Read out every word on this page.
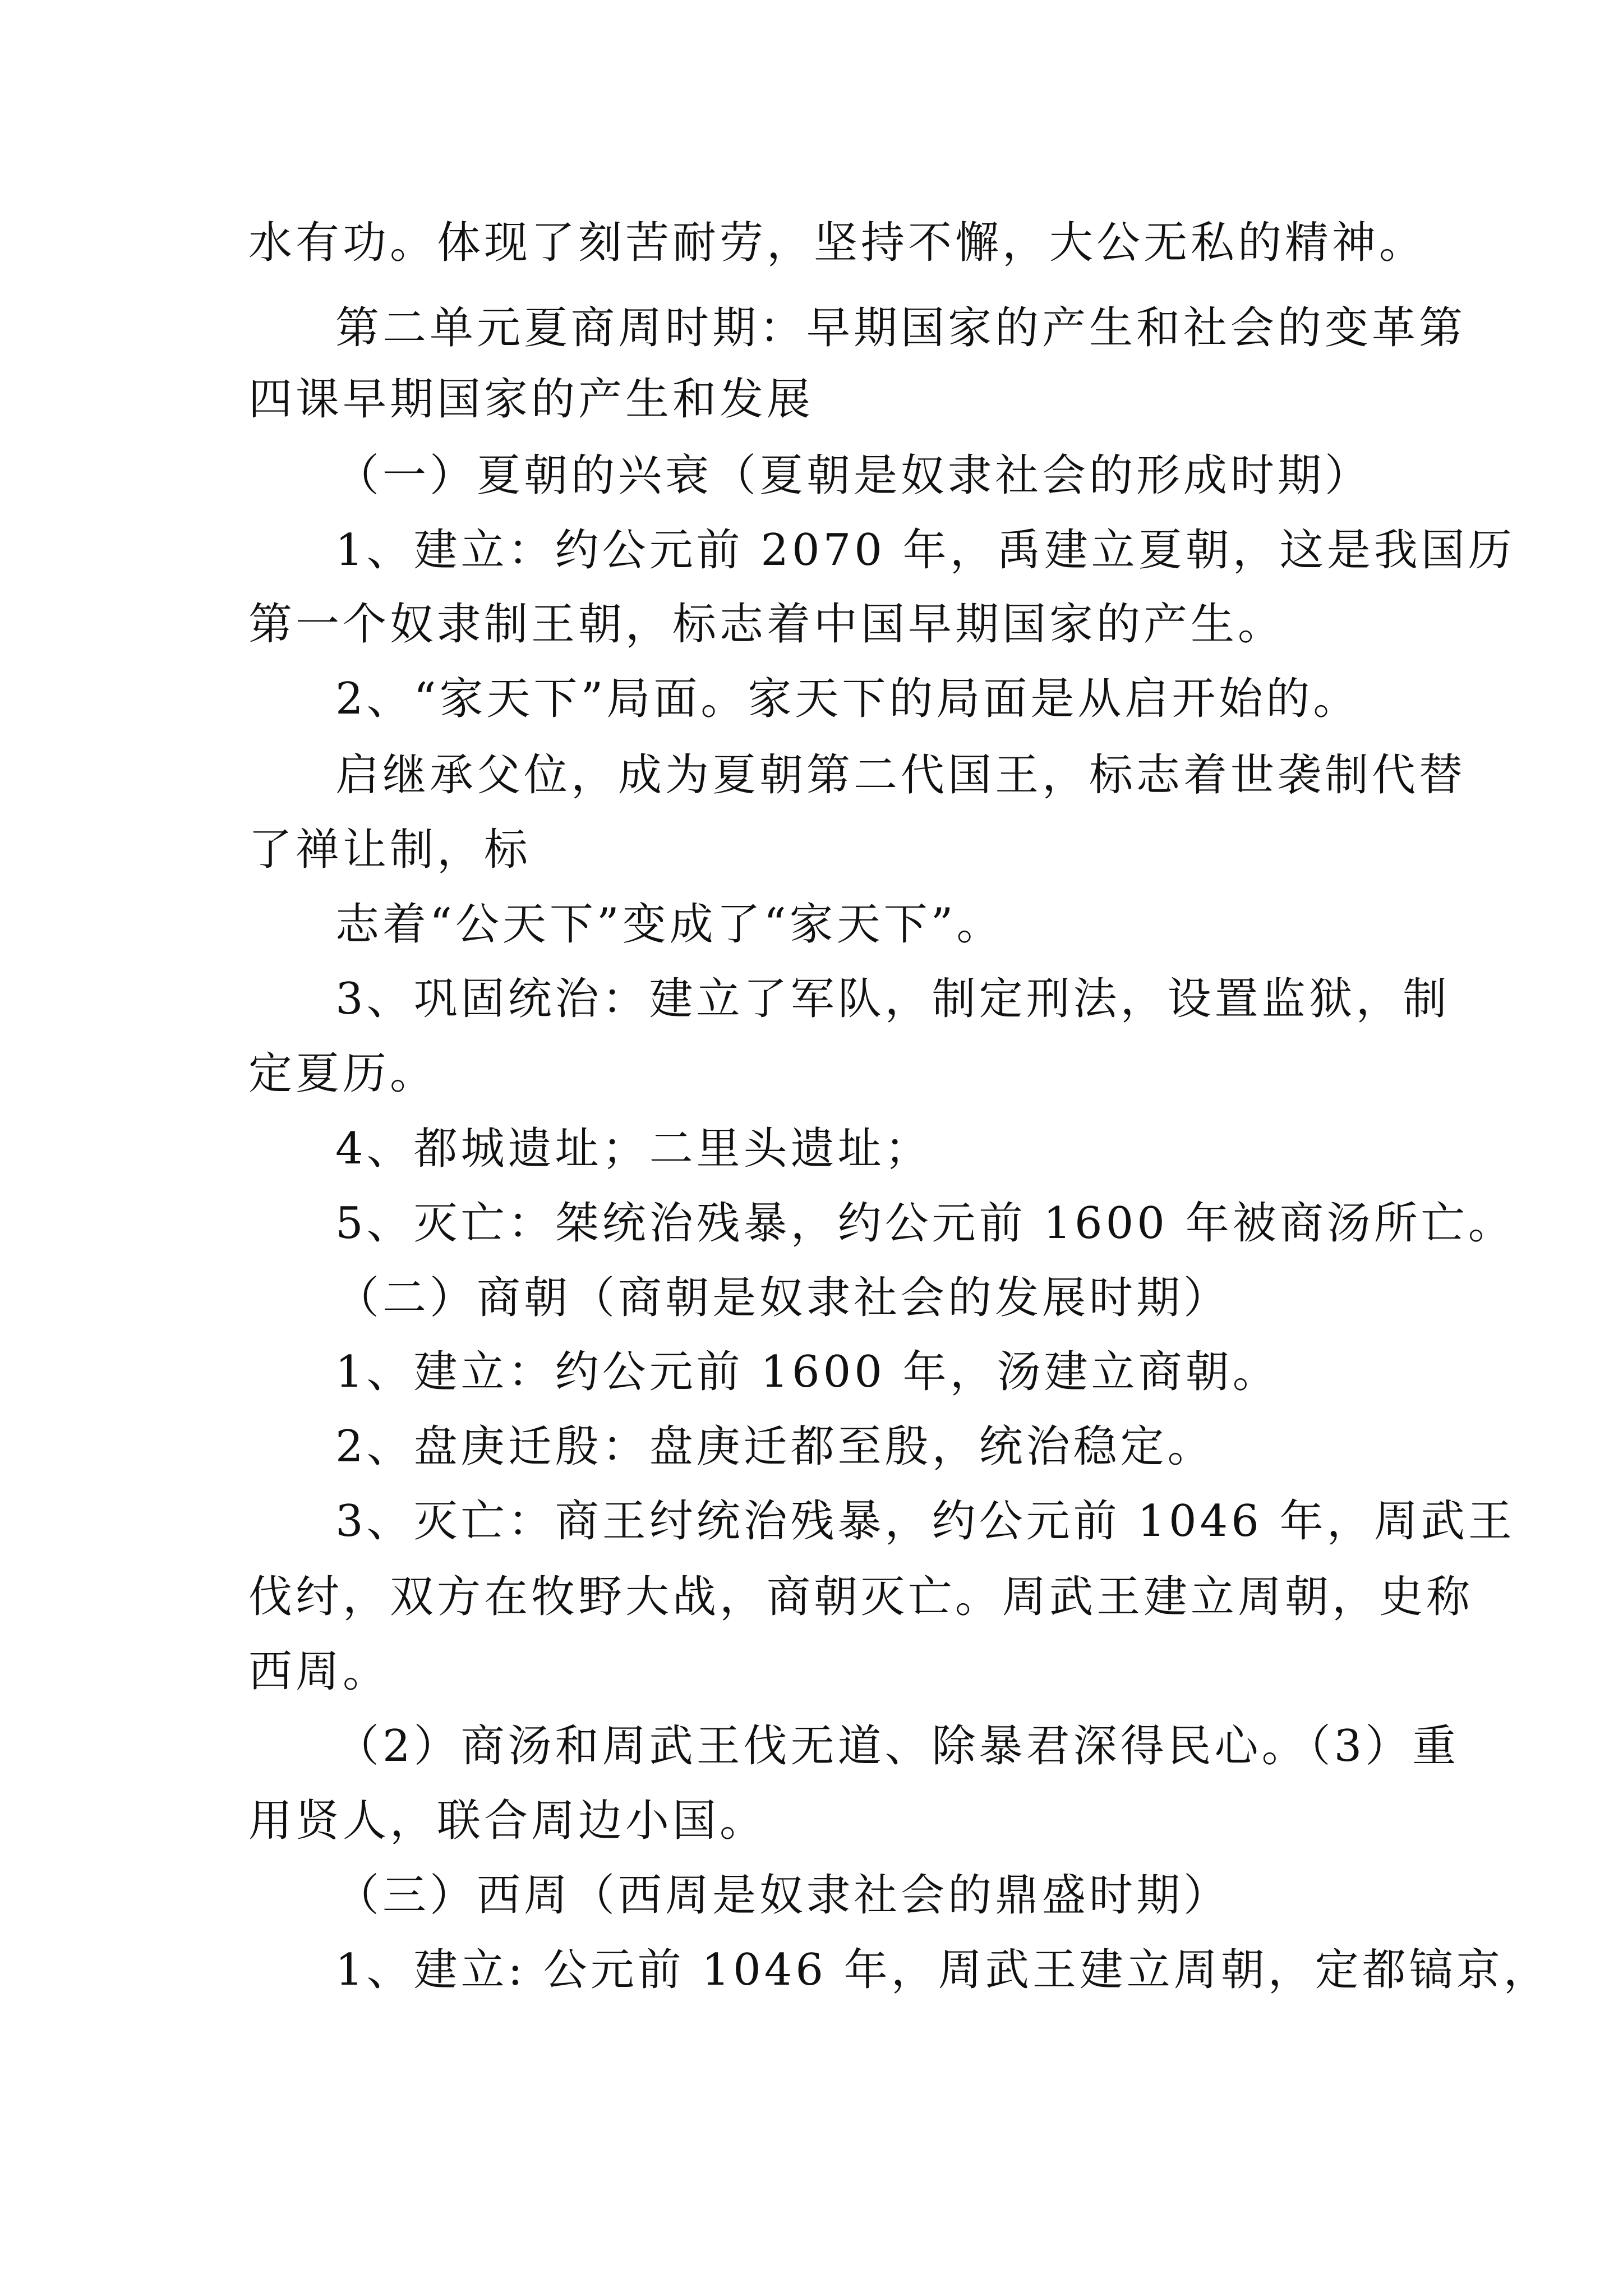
水有功。体现了刻苦耐劳，坚持不懈，大公无私的精神。
第二单元夏商周时期：早期国家的产生和社会的变革第
四课早期国家的产生和发展
（一）夏朝的兴衰（夏朝是奴隶社会的形成时期）
1、建立：约公元前 2070 年，禹建立夏朝，这是我国历
第一个奴隶制王朝，标志着中国早期国家的产生。
2、“家天下”局面。家天下的局面是从启开始的。
启继承父位，成为夏朝第二代国王，标志着世袭制代替
了禅让制，标
志着“公天下”变成了“家天下”。
3、巩固统治：建立了军队，制定刑法，设置监狱，制
定夏历。
4、都城遗址；二里头遗址；
5、灭亡：桀统治残暴，约公元前 1600 年被商汤所亡。
（二）商朝（商朝是奴隶社会的发展时期）
1、建立：约公元前 1600 年，汤建立商朝。
2、盘庚迁殷：盘庚迁都至殷，统治稳定。
3、灭亡：商王纣统治残暴，约公元前 1046 年，周武王
伐纣，双方在牧野大战，商朝灭亡。周武王建立周朝，史称
西周。
（2）商汤和周武王伐无道、除暴君深得民心。（3）重
用贤人，联合周边小国。
（三）西周（西周是奴隶社会的鼎盛时期）
1、建立: 公元前 1046 年，周武王建立周朝，定都镐京，
